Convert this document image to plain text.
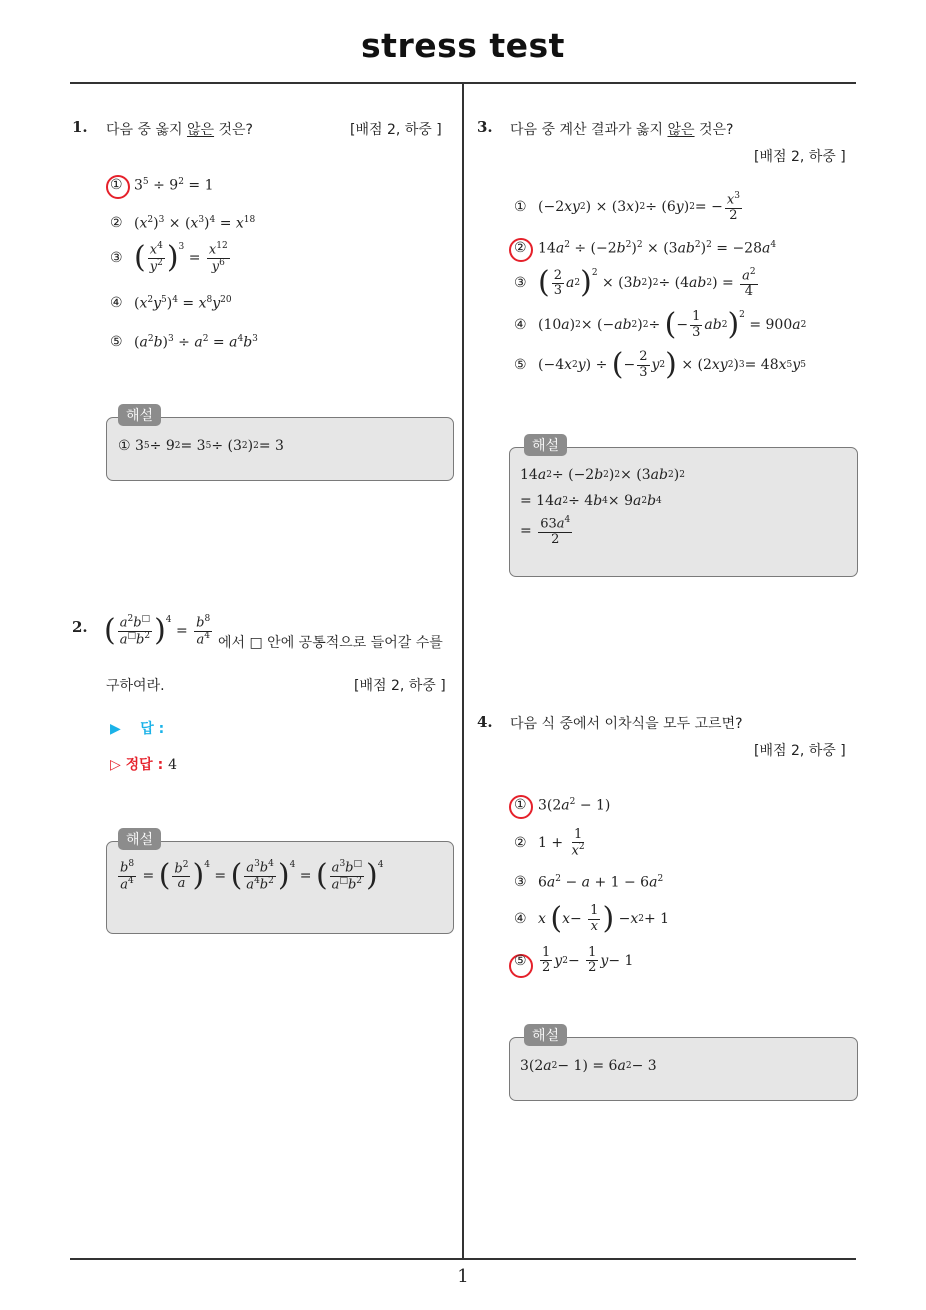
stress test
1. 다음 중 옳지 않은 것은?	[배점 2, 하중 ]
① $3^5 \div 9^2 = 1$
② $(x^2)^3 \times (x^3)^4 = x^{18}$
③ ( $\frac{x^4}{y^2} )^3$
= $\frac{x^{12}}{y^6}$
④ $(x^2y^5)^4 = x^8y^{20}$
⑤ $(a^2b)^3 \div a^2 = a^4b^3$
해설
① 3 5 ÷ 9 2 = 3 5 ÷ (3 2 ) 2 = 3
2. ( $\frac{a^2b^□}{a^□b^2} )^4$
= $\frac{b^8}{a^4}$ 에서 □ 안에 공통적으로 들어갈 수를
구하여라.	[배점 2, 하중 ]
▶ 답 :
▷ 정답 : 4
해설
$\frac{b^8}{a^4}$ = ( $\frac{b^2}{a} )^4$
= ( $\frac{a^3b^4}{a^4b^2} )^4$
= ( $\frac{a^3b^□}{a^□b^2} )^4$
3. 다음 중 계산 결과가 옳지 않은 것은?
[배점 2, 하중 ]
① (−2 xy 2 ) × (3 x ) 2 ÷ (6 y ) 2 = − $\frac{x^3}{2}$
② $14a^2 \div (-2b^2)^2 \times (3ab^2)^2 = -28a^4$
③ ( $\frac{2}{3}$ a 2 )$^2$
× (3 b 2 ) 2 ÷ (4 ab 2 ) = $\frac{a^2}{4}$
④ (10 a ) 2 × (− ab 2 ) 2 ÷ ( − $\frac{1}{3}$ ab 2 )$^2$
= 900 a 2
⑤ (−4 x 2 y ) ÷ ( − $\frac{2}{3}$ y 2 ) × (2 xy 2 ) 3 = 48 x 5 y 5
해설
14 a 2 ÷ (−2 b 2 ) 2 × (3 ab 2 ) 2
= 14 a 2 ÷ 4 b 4 × 9 a 2 b 4
= $\frac{63a^4}{2}$
4. 다음 식 중에서 이차식을 모두 고르면?
[배점 2, 하중 ]
① $3(2a^2 - 1)$
② $1 + \frac{1}{x^2}$
③ $6a^2 - a + 1 - 6a^2$
④ x
( $x - \frac{1}{x}$ ) − x 2 + 1
⑤	$\frac{1}{2}$ y $2 - \frac{1}{2}$ y − 1
해설
3(2 a 2 − 1) = 6 a 2 − 3
1
